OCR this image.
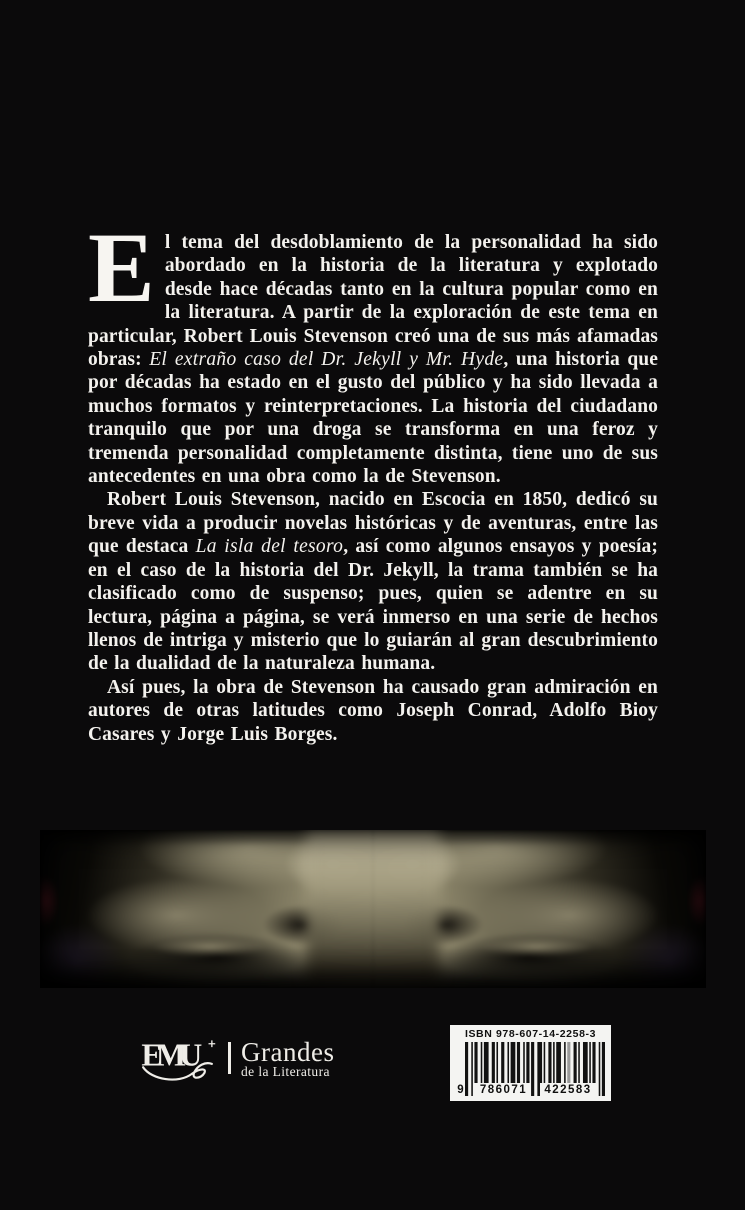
El tema del desdoblamiento de la personalidad ha sido abordado en la historia de la literatura y explotado desde hace décadas tanto en la cultura popular como en la literatura. A partir de la exploración de este tema en particular, Robert Louis Stevenson creó una de sus más afamadas obras: El extraño caso del Dr. Jekyll y Mr. Hyde, una historia que por décadas ha estado en el gusto del público y ha sido llevada a muchos formatos y reinterpretaciones. La historia del ciudadano tranquilo que por una droga se transforma en una feroz y tremenda personalidad completamente distinta, tiene uno de sus antecedentes en una obra como la de Stevenson.

Robert Louis Stevenson, nacido en Escocia en 1850, dedicó su breve vida a producir novelas históricas y de aventuras, entre las que destaca La isla del tesoro, así como algunos ensayos y poesía; en el caso de la historia del Dr. Jekyll, la trama también se ha clasificado como de suspenso; pues, quien se adentre en su lectura, página a página, se verá inmerso en una serie de hechos llenos de intriga y misterio que lo guiarán al gran descubrimiento de la dualidad de la naturaleza humana.

Así pues, la obra de Stevenson ha causado gran admiración en autores de otras latitudes como Joseph Conrad, Adolfo Bioy Casares y Jorge Luis Borges.

EMU Grandes
de la Literatura
ISBN 978-607-14-2258-3
9 786071	422583
